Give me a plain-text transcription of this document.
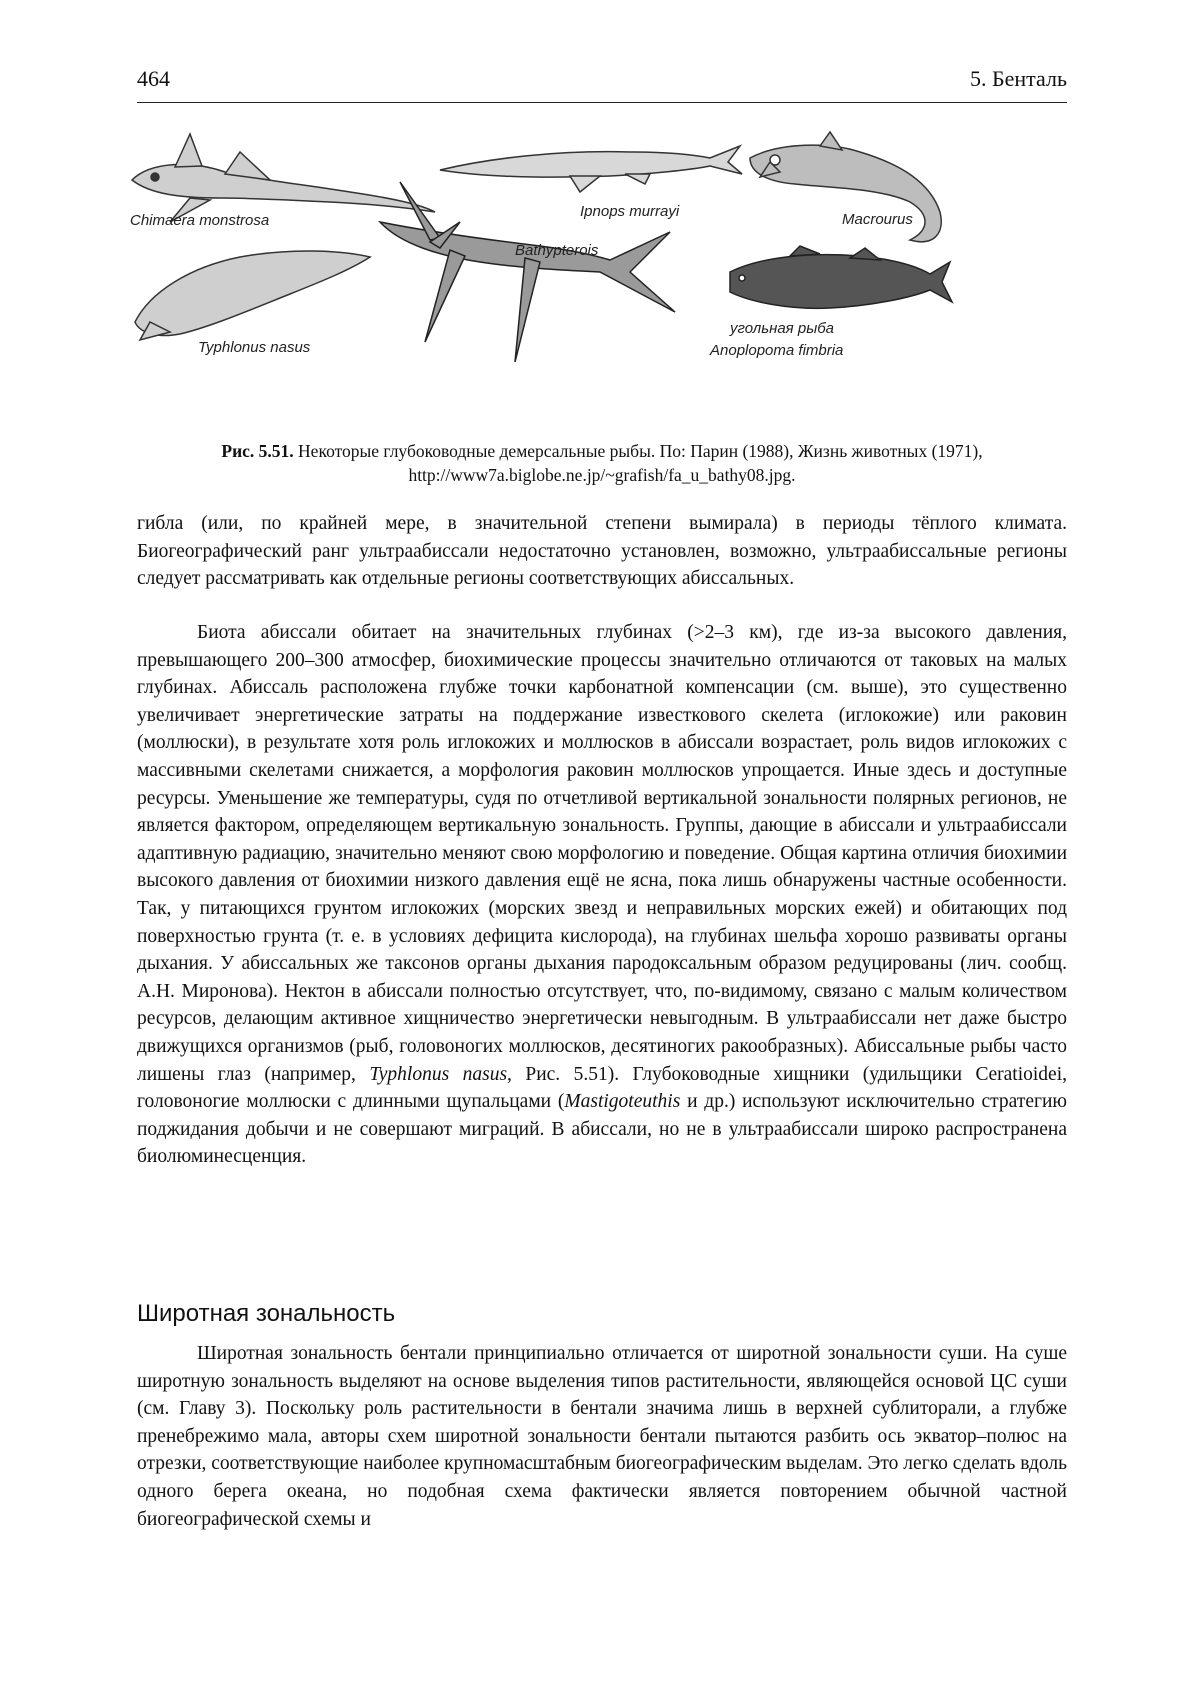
464	5. Бенталь
Chimaera monstrosa
Ipnops murrayi	Macrourus
Bathypterois
Typhlonus nasus
угольная рыба
Anoplopoma fimbria
Рис. 5.51. Некоторые глубоководные демерсальные рыбы. По: Парин (1988), Жизнь животных (1971), http://www7a.biglobe.ne.jp/~grafish/fa_u_bathy08.jpg.

гибла (или, по крайней мере, в значительной степени вымирала) в периоды тёплого климата. Биогеографический ранг ультраабиссали недостаточно установлен, возможно, ультраабиссальные регионы следует рассматривать как отдельные регионы соответствующих абиссальных.

Биота абиссали обитает на значительных глубинах (>2–3 км), где из-за высокого давления, превышающего 200–300 атмосфер, биохимические процессы значительно отличаются от таковых на малых глубинах. Абиссаль расположена глубже точки карбонатной компенсации (см. выше), это существенно увеличивает энергетические затраты на поддержание известкового скелета (иглокожие) или раковин (моллюски), в результате хотя роль иглокожих и моллюсков в абиссали возрастает, роль видов иглокожих с массивными скелетами снижается, а морфология раковин моллюсков упрощается. Иные здесь и доступные ресурсы. Уменьшение же температуры, судя по отчетливой вертикальной зональности полярных регионов, не является фактором, определяющем вертикальную зональность. Группы, дающие в абиссали и ультраабиссали адаптивную радиацию, значительно меняют свою морфологию и поведение. Общая картина отличия биохимии высокого давления от биохимии низкого давления ещё не ясна, пока лишь обнаружены частные особенности. Так, у питающихся грунтом иглокожих (морских звезд и неправильных морских ежей) и обитающих под поверхностью грунта (т. е. в условиях дефицита кислорода), на глубинах шельфа хорошо развиваты органы дыхания. У абиссальных же таксонов органы дыхания пародоксальным образом редуцированы (лич. сообщ. А.Н. Миронова). Нектон в абиссали полностью отсутствует, что, по-видимому, связано с малым количеством ресурсов, делающим активное хищничество энергетически невыгодным. В ультраабиссали нет даже быстро движущихся организмов (рыб, головоногих моллюсков, десятиногих ракообразных). Абиссальные рыбы часто лишены глаз (например, Typhlonus nasus, Рис. 5.51). Глубоководные хищники (удильщики Ceratioidei, головоногие моллюски с длинными щупальцами (Mastigoteuthis и др.) используют исключительно стратегию поджидания добычи и не совершают миграций. В абиссали, но не в ультраабиссали широко распространена биолюминесценция.

Широтная зональность

Широтная зональность бентали принципиально отличается от широтной зональности суши. На суше широтную зональность выделяют на основе выделения типов растительности, являющейся основой ЦС суши (см. Главу 3). Поскольку роль растительности в бентали значима лишь в верхней сублиторали, а глубже пренебрежимо мала, авторы схем широтной зональности бентали пытаются разбить ось экватор–полюс на отрезки, соответствующие наиболее крупномасштабным биогеографическим выделам. Это легко сделать вдоль одного берега океана, но подобная схема фактически является повторением обычной частной биогеографической схемы и
